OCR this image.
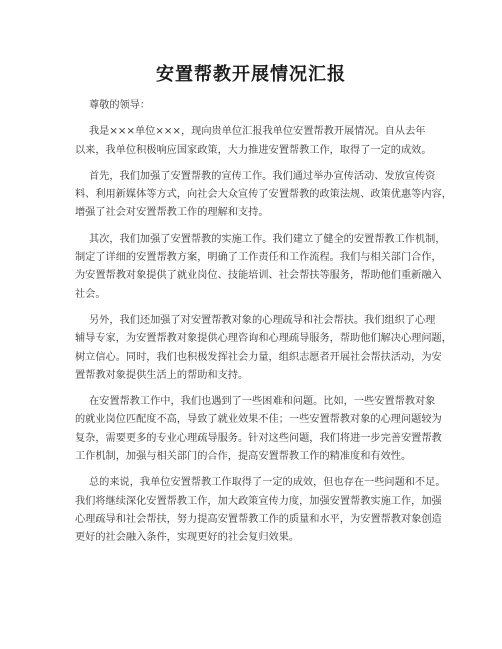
安置帮教开展情况汇报

尊敬的领导：

我是×××单位×××，现向贵单位汇报我单位安置帮教开展情况。自从去年
以来，我单位积极响应国家政策，大力推进安置帮教工作，取得了一定的成效。

首先，我们加强了安置帮教的宣传工作。我们通过举办宣传活动、发放宣传资
料、利用新媒体等方式，向社会大众宣传了安置帮教的政策法规、政策优惠等内容，
增强了社会对安置帮教工作的理解和支持。

其次，我们加强了安置帮教的实施工作。我们建立了健全的安置帮教工作机制，
制定了详细的安置帮教方案，明确了工作责任和工作流程。我们与相关部门合作，
为安置帮教对象提供了就业岗位、技能培训、社会帮扶等服务，帮助他们重新融入
社会。

另外，我们还加强了对安置帮教对象的心理疏导和社会帮扶。我们组织了心理
辅导专家，为安置帮教对象提供心理咨询和心理疏导服务，帮助他们解决心理问题，
树立信心。同时，我们也积极发挥社会力量，组织志愿者开展社会帮扶活动，为安
置帮教对象提供生活上的帮助和支持。

在安置帮教工作中，我们也遇到了一些困难和问题。比如，一些安置帮教对象
的就业岗位匹配度不高，导致了就业效果不佳；一些安置帮教对象的心理问题较为
复杂，需要更多的专业心理疏导服务。针对这些问题，我们将进一步完善安置帮教
工作机制，加强与相关部门的合作，提高安置帮教工作的精准度和有效性。

总的来说，我单位安置帮教工作取得了一定的成效，但也存在一些问题和不足。
我们将继续深化安置帮教工作，加大政策宣传力度，加强安置帮教实施工作，加强
心理疏导和社会帮扶，努力提高安置帮教工作的质量和水平，为安置帮教对象创造
更好的社会融入条件，实现更好的社会复归效果。
